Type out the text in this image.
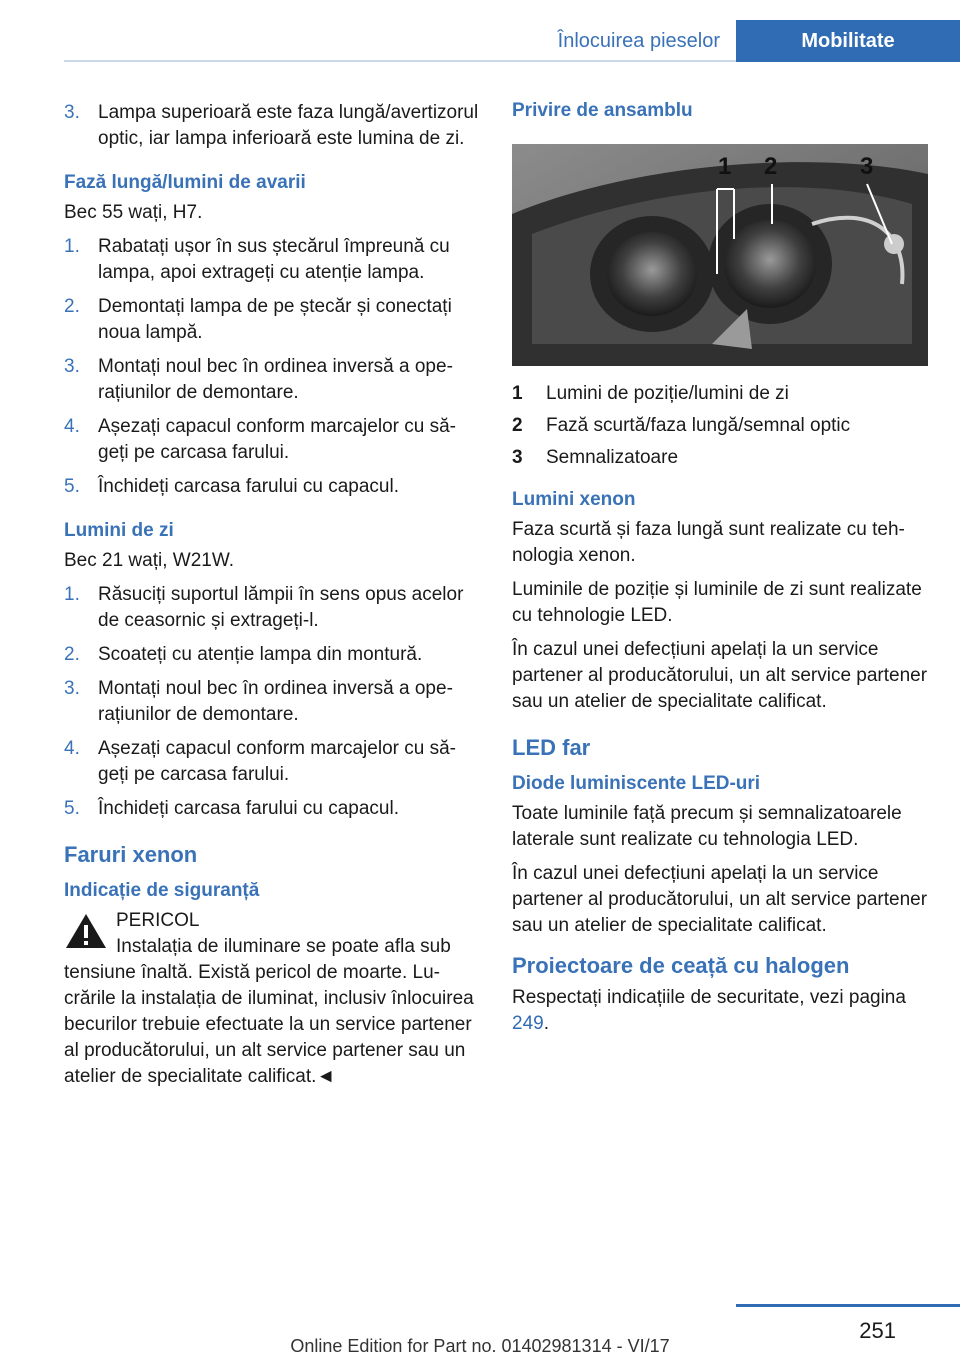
Înlocuirea pieselor	Mobilitate
3. Lampa superioară este faza lungă/avertizorul optic, iar lampa inferioară este lumina de zi.
Fază lungă/lumini de avarii

Bec 55 wați, H7.

1. Rabatați ușor în sus ștecărul împreună cu lampa, apoi extrageți cu atenție lampa.
2. Demontați lampa de pe ștecăr și conectați noua lampă.
3. Montați noul bec în ordinea inversă a operațiunilor de demontare.
4. Așezați capacul conform marcajelor cu săgeți pe carcasa farului.
5. Închideți carcasa farului cu capacul.
Lumini de zi

Bec 21 wați, W21W.

1. Răsuciți suportul lămpii în sens opus acelor de ceasornic și extrageți-l.
2. Scoateți cu atenție lampa din montură.
3. Montați noul bec în ordinea inversă a operațiunilor de demontare.
4. Așezați capacul conform marcajelor cu săgeți pe carcasa farului.
5. Închideți carcasa farului cu capacul.
Faruri xenon
Indicație de siguranță
PERICOL
Instalația de iluminare se poate afla sub
tensiune înaltă. Există pericol de moarte. Lucrările la instalația de iluminat, inclusiv înlocuirea becurilor trebuie efectuate la un service partener al producătorului, un alt service partener sau un atelier de specialitate calificat.◄
Privire de ansamblu
1 2	3
1	Lumini de poziție/lumini de zi
2	Fază scurtă/faza lungă/semnal optic
3	Semnalizatoare
Lumini xenon

Faza scurtă și faza lungă sunt realizate cu tehnologia xenon.

Luminile de poziție și luminile de zi sunt realizate cu tehnologie LED.

În cazul unei defecțiuni apelați la un service partener al producătorului, un alt service partener sau un atelier de specialitate calificat.

LED far
Diode luminiscente LED-uri

Toate luminile față precum și semnalizatoarele laterale sunt realizate cu tehnologia LED.

În cazul unei defecțiuni apelați la un service partener al producătorului, un alt service partener sau un atelier de specialitate calificat.

Proiectoare de ceață cu halogen

Respectați indicațiile de securitate, vezi pagina 249.

251
Online Edition for Part no. 01402981314 - VI/17
